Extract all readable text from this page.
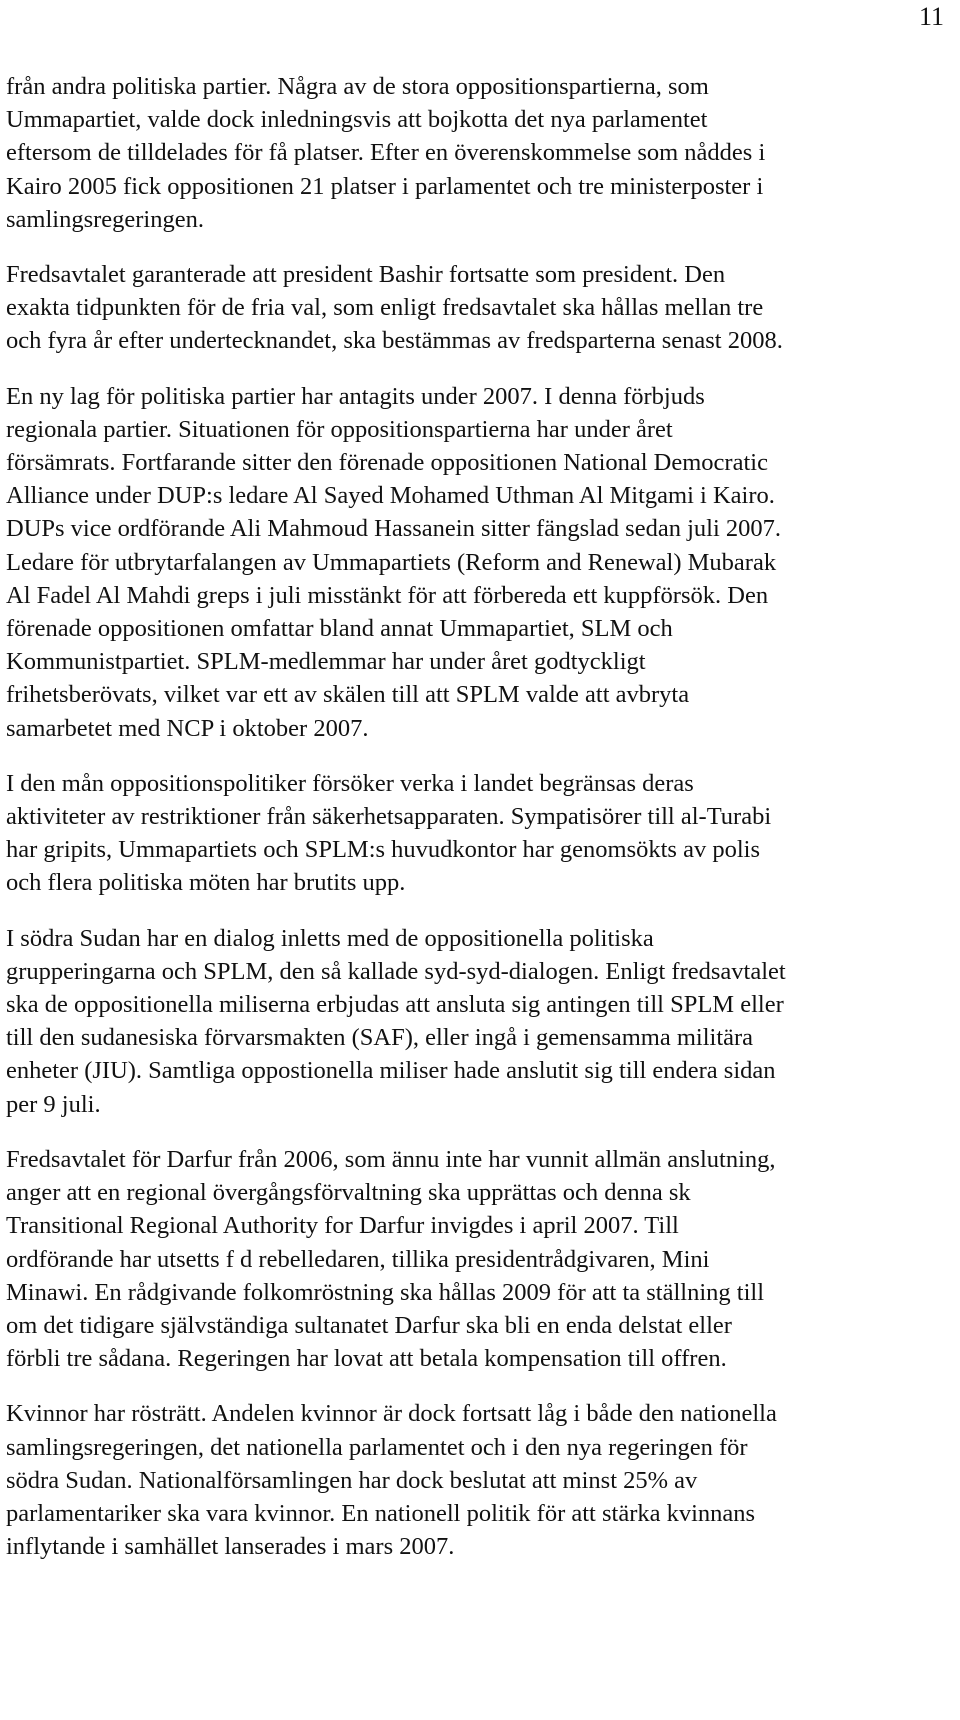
11

från andra politiska partier. Några av de stora oppositionspartierna, som
Ummapartiet, valde dock inledningsvis att bojkotta det nya parlamentet
eftersom de tilldelades för få platser. Efter en överenskommelse som nåddes i
Kairo 2005 fick oppositionen 21 platser i parlamentet och tre ministerposter i
samlingsregeringen.

Fredsavtalet garanterade att president Bashir fortsatte som president. Den
exakta tidpunkten för de fria val, som enligt fredsavtalet ska hållas mellan tre
och fyra år efter undertecknandet, ska bestämmas av fredsparterna senast 2008.

En ny lag för politiska partier har antagits under 2007. I denna förbjuds
regionala partier. Situationen för oppositionspartierna har under året
försämrats. Fortfarande sitter den förenade oppositionen National Democratic
Alliance under DUP:s ledare Al Sayed Mohamed Uthman Al Mitgami i Kairo.
DUPs vice ordförande Ali Mahmoud Hassanein sitter fängslad sedan juli 2007.
Ledare för utbrytarfalangen av Ummapartiets (Reform and Renewal) Mubarak
Al Fadel Al Mahdi greps i juli misstänkt för att förbereda ett kuppförsök. Den
förenade oppositionen omfattar bland annat Ummapartiet, SLM och
Kommunistpartiet. SPLM-medlemmar har under året godtyckligt
frihetsberövats, vilket var ett av skälen till att SPLM valde att avbryta
samarbetet med NCP i oktober 2007.

I den mån oppositionspolitiker försöker verka i landet begränsas deras
aktiviteter av restriktioner från säkerhetsapparaten. Sympatisörer till al-Turabi
har gripits, Ummapartiets och SPLM:s huvudkontor har genomsökts av polis
och flera politiska möten har brutits upp.

I södra Sudan har en dialog inletts med de oppositionella politiska
grupperingarna och SPLM, den så kallade syd-syd-dialogen. Enligt fredsavtalet
ska de oppositionella miliserna erbjudas att ansluta sig antingen till SPLM eller
till den sudanesiska förvarsmakten (SAF), eller ingå i gemensamma militära
enheter (JIU). Samtliga oppostionella miliser hade anslutit sig till endera sidan
per 9 juli.

Fredsavtalet för Darfur från 2006, som ännu inte har vunnit allmän anslutning,
anger att en regional övergångsförvaltning ska upprättas och denna sk
Transitional Regional Authority for Darfur invigdes i april 2007. Till
ordförande har utsetts f d rebelledaren, tillika presidentrådgivaren, Mini
Minawi. En rådgivande folkomröstning ska hållas 2009 för att ta ställning till
om det tidigare självständiga sultanatet Darfur ska bli en enda delstat eller
förbli tre sådana. Regeringen har lovat att betala kompensation till offren.

Kvinnor har rösträtt. Andelen kvinnor är dock fortsatt låg i både den nationella
samlingsregeringen, det nationella parlamentet och i den nya regeringen för
södra Sudan. Nationalförsamlingen har dock beslutat att minst 25% av
parlamentariker ska vara kvinnor. En nationell politik för att stärka kvinnans
inflytande i samhället lanserades i mars 2007.
